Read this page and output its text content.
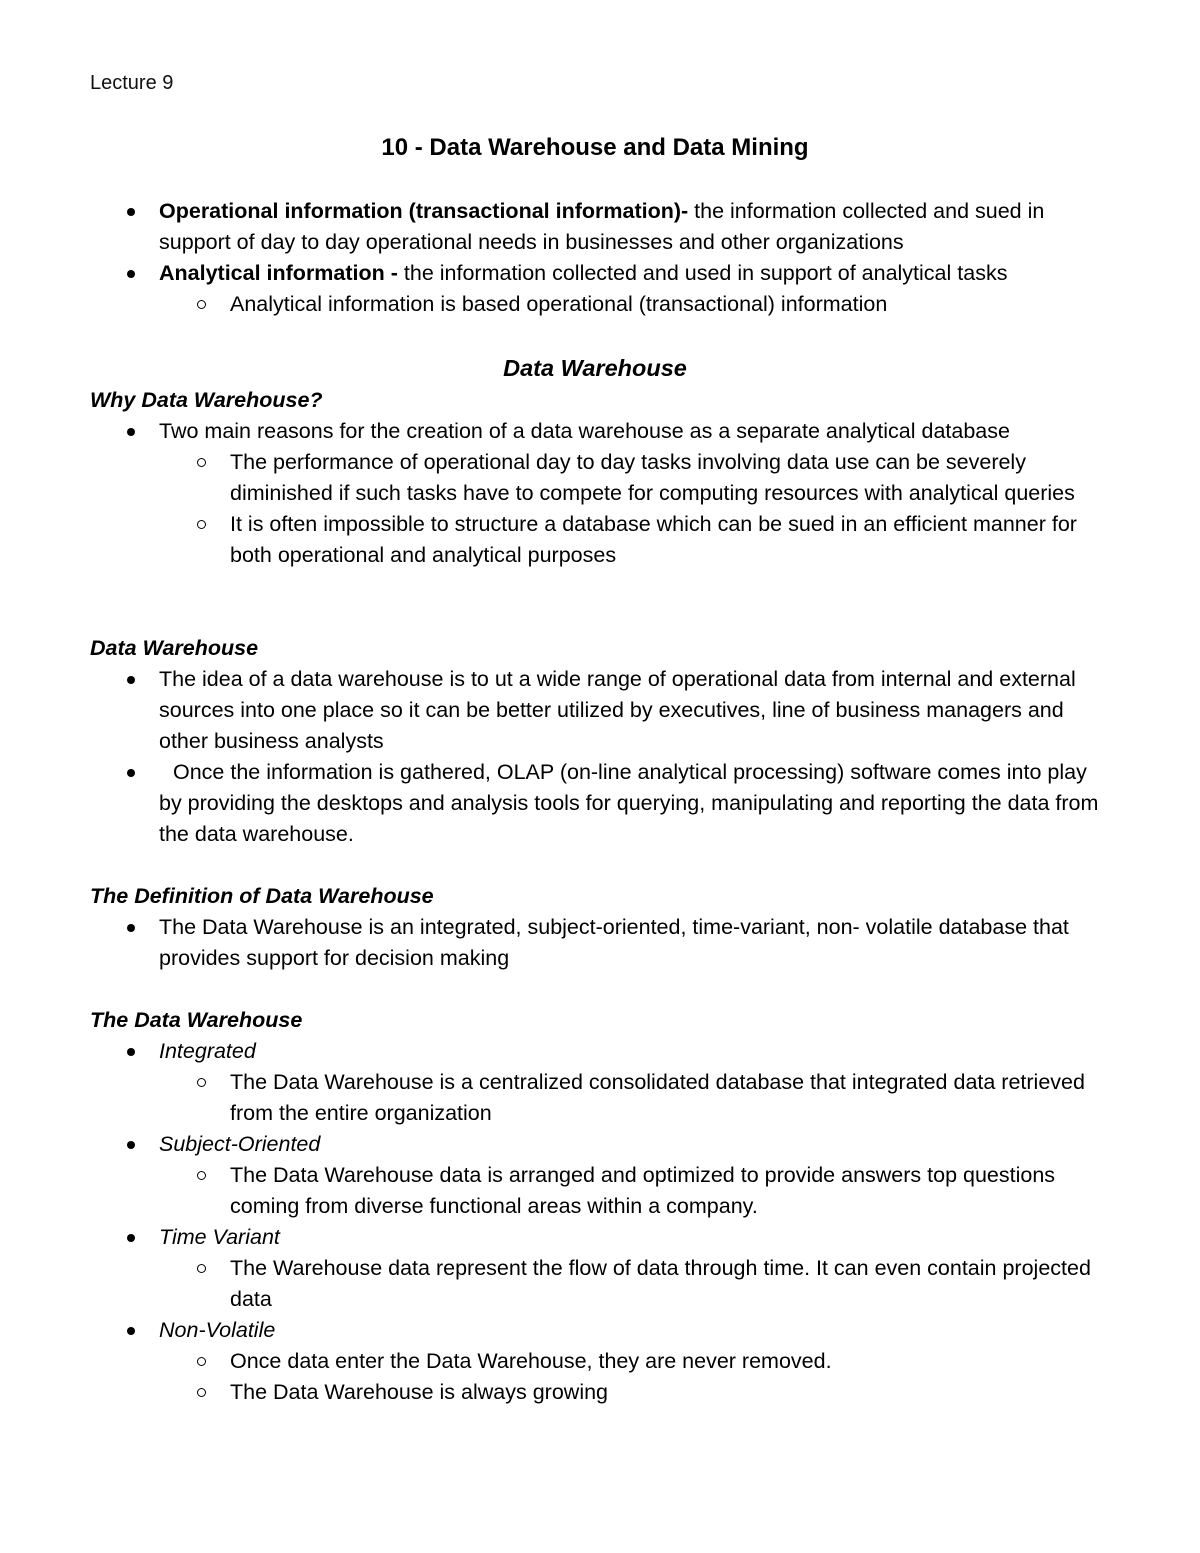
Lecture 9
10 - Data Warehouse and Data Mining
Operational information (transactional information)- the information collected and sued in support of day to day operational needs in businesses and other organizations
Analytical information - the information collected and used in support of analytical tasks
Analytical information is based operational (transactional) information
Data Warehouse
Why Data Warehouse?
Two main reasons for the creation of a data warehouse as a separate analytical database
The performance of operational day to day tasks involving data use can be severely diminished if such tasks have to compete for computing resources with analytical queries
It is often impossible to structure a database which can be sued in an efficient manner for both operational and analytical purposes
Data Warehouse
The idea of a data warehouse is to ut a wide range of operational data from internal and external sources into one place so it can be better utilized by executives, line of business managers and other business analysts
Once the information is gathered, OLAP (on-line analytical processing) software comes into play by providing the desktops and analysis tools for querying, manipulating and reporting the data from the data warehouse.
The Definition of Data Warehouse
The Data Warehouse is an integrated, subject-oriented, time-variant, non- volatile database that provides support for decision making
The Data Warehouse
Integrated
The Data Warehouse is a centralized consolidated database that integrated data retrieved from the entire organization
Subject-Oriented
The Data Warehouse data is arranged and optimized to provide answers top questions coming from diverse functional areas within a company.
Time Variant
The Warehouse data represent the flow of data through time. It can even contain projected data
Non-Volatile
Once data enter the Data Warehouse, they are never removed.
The Data Warehouse is always growing
